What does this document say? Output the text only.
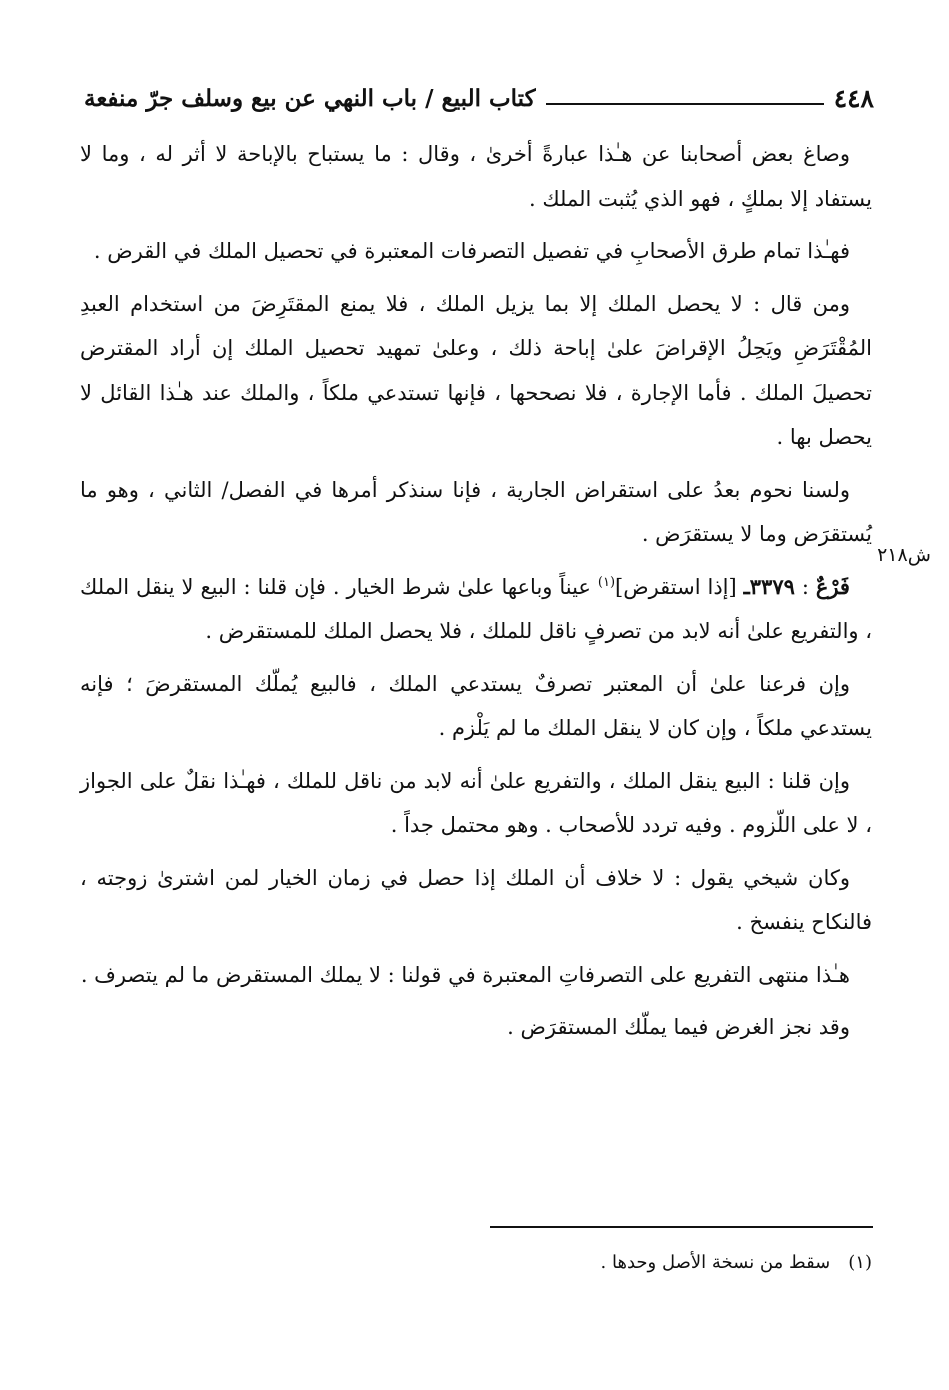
٤٤٨
كتاب البيع / باب النهي عن بيع وسلف جرّ منفعة
ش٢١٨

وصاغ بعض أصحابنا عن هـٰذا عبارةً أخرىٰ ، وقال : ما يستباح بالإباحة لا أثر له ، وما لا يستفاد إلا بملكٍ ، فهو الذي يُثبت الملك .

فهـٰذا تمام طرق الأصحابِ في تفصيل التصرفات المعتبرة في تحصيل الملك في القرض .

ومن قال : لا يحصل الملك إلا بما يزيل الملك ، فلا يمنع المقتَرِضَ من استخدام العبدِ المُقْتَرَضِ ويَحِلُ الإقراضَ علىٰ إباحة ذلك ، وعلىٰ تمهيد تحصيل الملك إن أراد المقترض تحصيلَ الملك . فأما الإجارة ، فلا نصححها ، فإنها تستدعي ملكاً ، والملك عند هـٰذا القائل لا يحصل بها .

ولسنا نحوم بعدُ على استقراض الجارية ، فإنا سنذكر أمرها في الفصل/ الثاني ، وهو ما يُستقرَض وما لا يستقرَض .

فَرْعٌ : ٣٣٧٩ـ [إذا استقرض]$^{(١)}$ عيناً وباعها علىٰ شرط الخيار . فإن قلنا : البيع لا ينقل الملك ، والتفريع علىٰ أنه لابد من تصرفٍ ناقل للملك ، فلا يحصل الملك للمستقرض .

وإن فرعنا علىٰ أن المعتبر تصرفٌ يستدعي الملك ، فالبيع يُملّك المستقرضَ ؛ فإنه يستدعي ملكاً ، وإن كان لا ينقل الملك ما لم يَلْزم .

وإن قلنا : البيع ينقل الملك ، والتفريع علىٰ أنه لابد من ناقل للملك ، فهـٰذا نقلٌ على الجواز ، لا على اللّزوم . وفيه تردد للأصحاب . وهو محتمل جداً .

وكان شيخي يقول : لا خلاف أن الملك إذا حصل في زمان الخيار لمن اشترىٰ زوجته ، فالنكاح ينفسخ .

هـٰذا منتهى التفريع على التصرفاتِ المعتبرة في قولنا : لا يملك المستقرض ما لم يتصرف .

وقد نجز الغرض فيما يملّك المستقرَض .

(١)سقط من نسخة الأصل وحدها .
